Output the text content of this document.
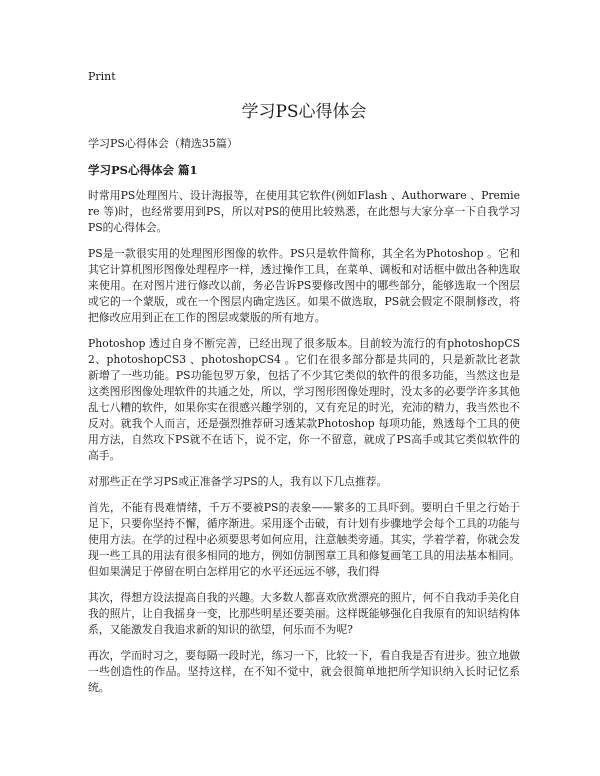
Print
学习PS心得体会
学习PS心得体会（精选35篇）
学习PS心得体会 篇1

时常用PS处理图片、设计海报等，在使用其它软件(例如Flash 、Authorware 、Premiere 等)时，也经常要用到PS，所以对PS的使用比较熟悉，在此想与大家分享一下自我学习PS的心得体会。

PS是一款很实用的处理图形图像的软件。PS只是软件简称，其全名为Photoshop 。它和其它计算机图形图像处理程序一样，透过操作工具，在菜单、调板和对话框中做出各种选取来使用。在对图片进行修改以前，务必告诉PS要修改图中的哪些部分，能够选取一个图层或它的一个蒙版，或在一个图层内确定选区。如果不做选取，PS就会假定不限制修改，将把修改应用到正在工作的图层或蒙版的所有地方。

Photoshop 透过自身不断完善，已经出现了很多版本。目前较为流行的有photoshopCS2、photoshopCS3 、photoshopCS4 。它们在很多部分都是共同的，只是新款比老款新增了一些功能。PS功能包罗万象，包括了不少其它类似的软件的很多功能，当然这也是这类图形图像处理软件的共通之处，所以，学习图形图像处理时，没太多的必要学许多其他乱七八糟的软件，如果你实在很感兴趣学别的，又有充足的时光，充沛的精力，我当然也不反对。就我个人而言，还是强烈推荐研习透某款Photoshop 每项功能，熟透每个工具的使用方法，自然攻下PS就不在话下，说不定，你一不留意，就成了PS高手或其它类似软件的高手。

对那些正在学习PS或正准备学习PS的人，我有以下几点推荐。

首先，不能有畏难情绪，千万不要被PS的表象——繁多的工具吓到。要明白千里之行始于足下，只要你坚持不懈，循序渐进。采用逐个击破，有计划有步骤地学会每个工具的功能与使用方法。在学的过程中必须要思考如何应用，注意触类旁通。其实，学着学着，你就会发现一些工具的用法有很多相同的地方，例如仿制图章工具和修复画笔工具的用法基本相同。但如果满足于停留在明白怎样用它的水平还远远不够，我们得

其次，得想方设法提高自我的兴趣。大多数人都喜欢欣赏漂亮的照片，何不自我动手美化自我的照片，让自我摇身一变，比那些明星还要美丽。这样既能够强化自我原有的知识结构体系，又能激发自我追求新的知识的欲望，何乐而不为呢?

再次，学而时习之，要每隔一段时光，练习一下，比较一下，看自我是否有进步。独立地做一些创造性的作品。坚持这样，在不知不觉中，就会很简单地把所学知识纳入长时记忆系统。
